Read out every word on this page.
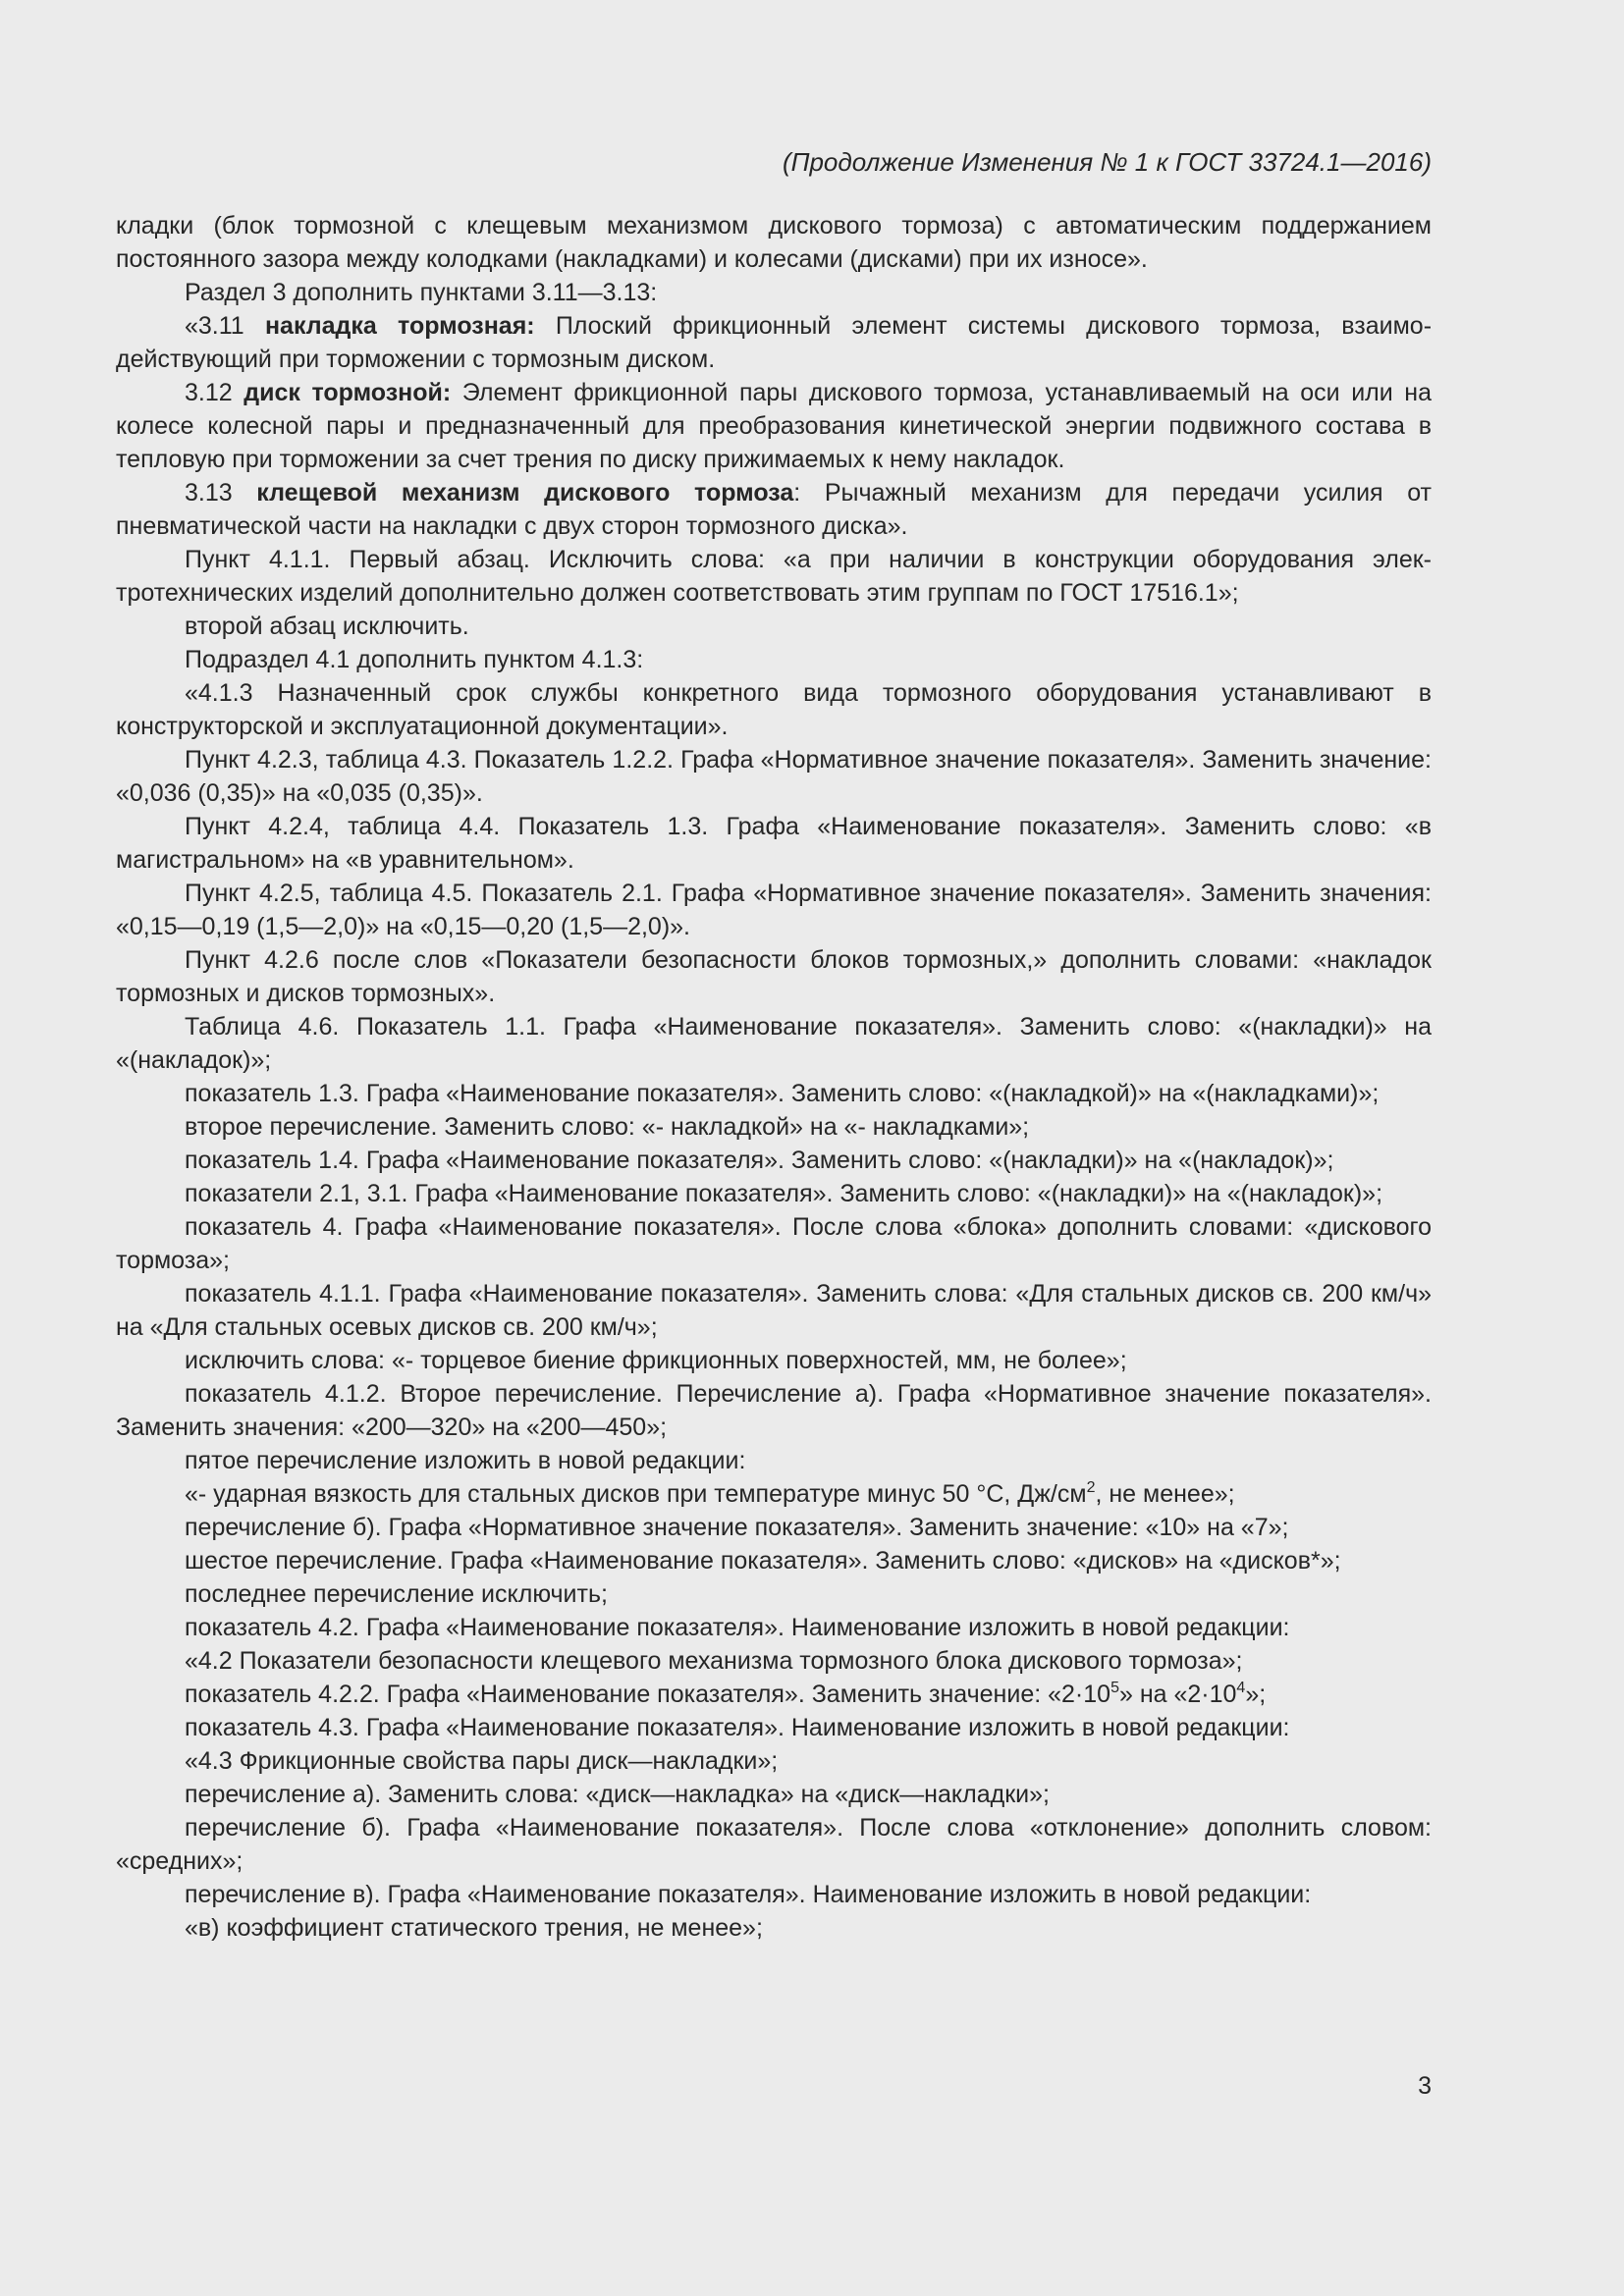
(Продолжение Изменения № 1 к ГОСТ 33724.1—2016)

кладки (блок тормозной с клещевым механизмом дискового тормоза) с автоматическим поддержанием постоянного зазора между колодками (накладками) и колесами (дисками) при их износе».

Раздел 3 дополнить пунктами 3.11—3.13:

«3.11 накладка тормозная: Плоский фрикционный элемент системы дискового тормоза, взаимодействующий при торможении с тормозным диском.

3.12 диск тормозной: Элемент фрикционной пары дискового тормоза, устанавливаемый на оси или на колесе колесной пары и предназначенный для преобразования кинетической энергии подвижного состава в тепловую при торможении за счет трения по диску прижимаемых к нему накладок.

3.13 клещевой механизм дискового тормоза: Рычажный механизм для передачи усилия от пневматической части на накладки с двух сторон тормозного диска».

Пункт 4.1.1. Первый абзац. Исключить слова: «а при наличии в конструкции оборудования электротехнических изделий дополнительно должен соответствовать этим группам по ГОСТ 17516.1»;

второй абзац исключить.

Подраздел 4.1 дополнить пунктом 4.1.3:

«4.1.3 Назначенный срок службы конкретного вида тормозного оборудования устанавливают в конструкторской и эксплуатационной документации».

Пункт 4.2.3, таблица 4.3. Показатель 1.2.2. Графа «Нормативное значение показателя». Заменить значение: «0,036 (0,35)» на «0,035 (0,35)».

Пункт 4.2.4, таблица 4.4. Показатель 1.3. Графа «Наименование показателя». Заменить слово: «в магистральном» на «в уравнительном».

Пункт 4.2.5, таблица 4.5. Показатель 2.1. Графа «Нормативное значение показателя». Заменить значения: «0,15—0,19 (1,5—2,0)» на «0,15—0,20 (1,5—2,0)».

Пункт 4.2.6 после слов «Показатели безопасности блоков тормозных,» дополнить словами: «накладок тормозных и дисков тормозных».

Таблица 4.6. Показатель 1.1. Графа «Наименование показателя». Заменить слово: «(накладки)» на «(накладок)»;

показатель 1.3. Графа «Наименование показателя». Заменить слово: «(накладкой)» на «(накладками)»;

второе перечисление. Заменить слово: «- накладкой» на «- накладками»;

показатель 1.4. Графа «Наименование показателя». Заменить слово: «(накладки)» на «(накладок)»;

показатели 2.1, 3.1. Графа «Наименование показателя». Заменить слово: «(накладки)» на «(накладок)»;

показатель 4. Графа «Наименование показателя». После слова «блока» дополнить словами: «дискового тормоза»;

показатель 4.1.1. Графа «Наименование показателя». Заменить слова: «Для стальных дисков св. 200 км/ч» на «Для стальных осевых дисков св. 200 км/ч»;

исключить слова: «- торцевое биение фрикционных поверхностей, мм, не более»;

показатель 4.1.2. Второе перечисление. Перечисление а). Графа «Нормативное значение показателя». Заменить значения: «200—320» на «200—450»;

пятое перечисление изложить в новой редакции:

«- ударная вязкость для стальных дисков при температуре минус 50 °С, $Дж/см^2$, не менее»;

перечисление б). Графа «Нормативное значение показателя». Заменить значение: «10» на «7»;

шестое перечисление. Графа «Наименование показателя». Заменить слово: «дисков» на «дисков*»;

последнее перечисление исключить;

показатель 4.2. Графа «Наименование показателя». Наименование изложить в новой редакции:

«4.2 Показатели безопасности клещевого механизма тормозного блока дискового тормоза»;

показатель 4.2.2. Графа «Наименование показателя». Заменить значение: «$2\cdot 10^5$» на «$2\cdot 10^4$»;

показатель 4.3. Графа «Наименование показателя». Наименование изложить в новой редакции:

«4.3 Фрикционные свойства пары диск—накладки»;

перечисление а). Заменить слова: «диск—накладка» на «диск—накладки»;

перечисление б). Графа «Наименование показателя». После слова «отклонение» дополнить словом: «средних»;

перечисление в). Графа «Наименование показателя». Наименование изложить в новой редакции:

«в) коэффициент статического трения, не менее»;

3
